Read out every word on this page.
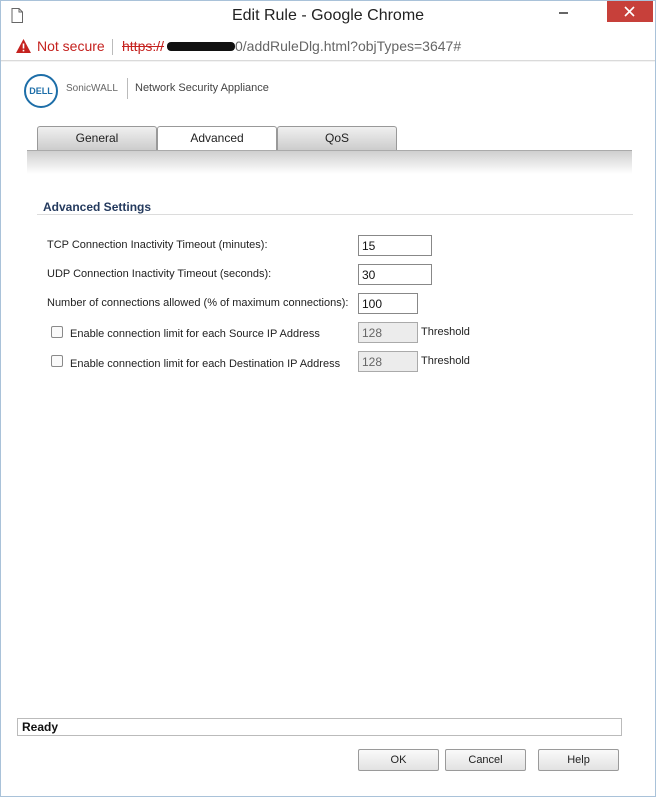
Edit Rule - Google Chrome
Not secure https://	0/addRuleDlg.html?objTypes=3647#
DELL	SonicWALL Network Security Appliance
General	Advanced	QoS
Advanced Settings
TCP Connection Inactivity Timeout (minutes):
15
UDP Connection Inactivity Timeout (seconds):
30
Number of connections allowed (% of maximum connections):
100
Enable connection limit for each Source IP Address
128	Threshold
Enable connection limit for each Destination IP Address
128	Threshold
Ready
OK	Cancel	Help
